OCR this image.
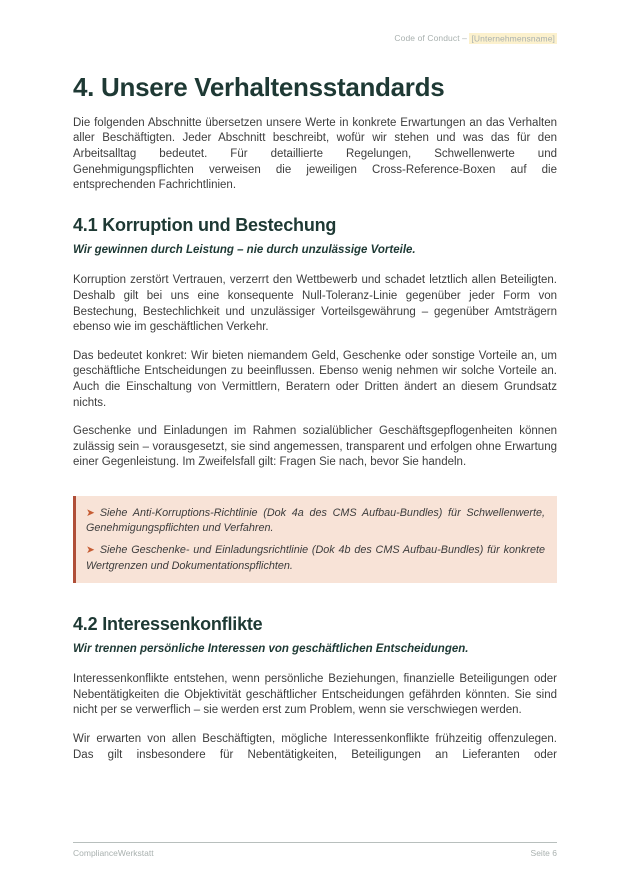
Code of Conduct – [Unternehmensname]
4. Unsere Verhaltensstandards

Die folgenden Abschnitte übersetzen unsere Werte in konkrete Erwartungen an das Verhalten aller Beschäftigten. Jeder Abschnitt beschreibt, wofür wir stehen und was das für den Arbeitsalltag bedeutet. Für detaillierte Regelungen, Schwellenwerte und Genehmigungspflichten verweisen die jeweiligen Cross-Reference-Boxen auf die entsprechenden Fachrichtlinien.

4.1 Korruption und Bestechung

Wir gewinnen durch Leistung – nie durch unzulässige Vorteile.

Korruption zerstört Vertrauen, verzerrt den Wettbewerb und schadet letztlich allen Beteiligten. Deshalb gilt bei uns eine konsequente Null-Toleranz-Linie gegenüber jeder Form von Bestechung, Bestechlichkeit und unzulässiger Vorteilsgewährung – gegenüber Amtsträgern ebenso wie im geschäftlichen Verkehr.

Das bedeutet konkret: Wir bieten niemandem Geld, Geschenke oder sonstige Vorteile an, um geschäftliche Entscheidungen zu beeinflussen. Ebenso wenig nehmen wir solche Vorteile an. Auch die Einschaltung von Vermittlern, Beratern oder Dritten ändert an diesem Grundsatz nichts.

Geschenke und Einladungen im Rahmen sozialüblicher Geschäftsgepflogenheiten können zulässig sein – vorausgesetzt, sie sind angemessen, transparent und erfolgen ohne Erwartung einer Gegenleistung. Im Zweifelsfall gilt: Fragen Sie nach, bevor Sie handeln.

➤ Siehe Anti-Korruptions-Richtlinie (Dok 4a des CMS Aufbau-Bundles) für Schwellenwerte, Genehmigungspflichten und Verfahren.

➤ Siehe Geschenke- und Einladungsrichtlinie (Dok 4b des CMS Aufbau-Bundles) für konkrete Wertgrenzen und Dokumentationspflichten.

4.2 Interessenkonflikte

Wir trennen persönliche Interessen von geschäftlichen Entscheidungen.

Interessenkonflikte entstehen, wenn persönliche Beziehungen, finanzielle Beteiligungen oder Nebentätigkeiten die Objektivität geschäftlicher Entscheidungen gefährden könnten. Sie sind nicht per se verwerflich – sie werden erst zum Problem, wenn sie verschwiegen werden.

Wir erwarten von allen Beschäftigten, mögliche Interessenkonflikte frühzeitig offenzulegen. Das gilt insbesondere für Nebentätigkeiten, Beteiligungen an Lieferanten oder

ComplianceWerkstatt	Seite 6
